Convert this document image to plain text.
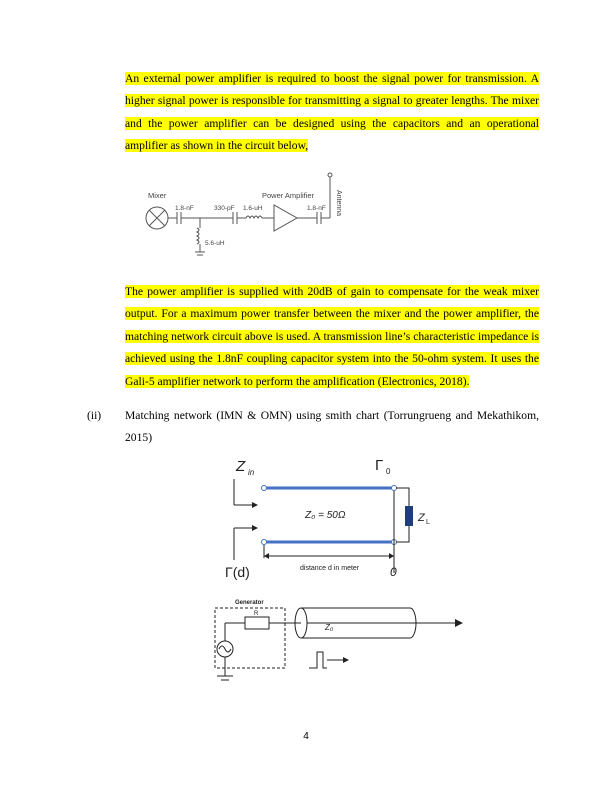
An external power amplifier is required to boost the signal power for transmission. A higher signal power is responsible for transmitting a signal to greater lengths. The mixer and the power amplifier can be designed using the capacitors and an operational amplifier as shown in the circuit below,
Mixer	Power Amplifier
1.8-nF	330-pF 1.6-uH	1.8-nF
5.6-uH
Antenna
The power amplifier is supplied with 20dB of gain to compensate for the weak mixer output. For a maximum power transfer between the mixer and the power amplifier, the matching network circuit above is used. A transmission line’s characteristic impedance is achieved using the 1.8nF coupling capacitor system into the 50-ohm system. It uses the Gali-5 amplifier network to perform the amplification (Electronics, 2018).
(ii) Matching network (IMN & OMN) using smith chart (Torrungrueng and Mekathikom, 2015)
Z in	Γ 0
Z₀ = 50Ω	Z L
Γ(d)	distance d in meter	0
Generator
R
Z₀
4
